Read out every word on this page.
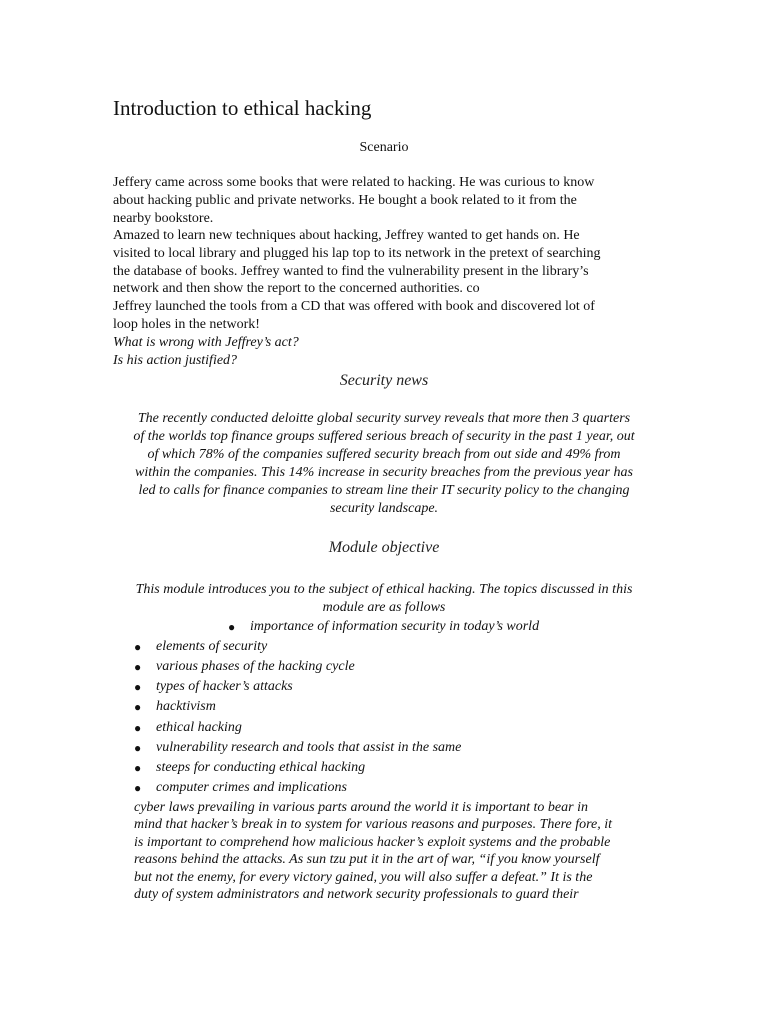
Introduction to ethical hacking
Scenario

Jeffery came across some books that were related to hacking. He was curious to know
about hacking public and private networks. He bought a book related to it from the
nearby bookstore.

Amazed to learn new techniques about hacking, Jeffrey wanted to get hands on. He
visited to local library and plugged his lap top to its network in the pretext of searching
the database of books. Jeffrey wanted to find the vulnerability present in the library’s
network and then show the report to the concerned authorities. co

Jeffrey launched the tools from a CD that was offered with book and discovered lot of
loop holes in the network!

What is wrong with Jeffrey’s act?
Is his action justified?
Security news
The recently conducted deloitte global security survey reveals that more then 3 quarters
of the worlds top finance groups suffered serious breach of security in the past 1 year, out
of which 78% of the companies suffered security breach from out side and 49% from
within the companies. This 14% increase in security breaches from the previous year has
led to calls for finance companies to stream line their IT security policy to the changing
security landscape.
Module objective
This module introduces you to the subject of ethical hacking. The topics discussed in this
module are as follows
● importance of information security in today’s world
● elements of security
● various phases of the hacking cycle
● types of hacker’s attacks
● hacktivism
● ethical hacking
● vulnerability research and tools that assist in the same
● steeps for conducting ethical hacking
● computer crimes and implications
cyber laws prevailing in various parts around the world it is important to bear in
mind that hacker’s break in to system for various reasons and purposes. There fore, it
is important to comprehend how malicious hacker’s exploit systems and the probable
reasons behind the attacks. As sun tzu put it in the art of war, “if you know yourself
but not the enemy, for every victory gained, you will also suffer a defeat.” It is the
duty of system administrators and network security professionals to guard their
